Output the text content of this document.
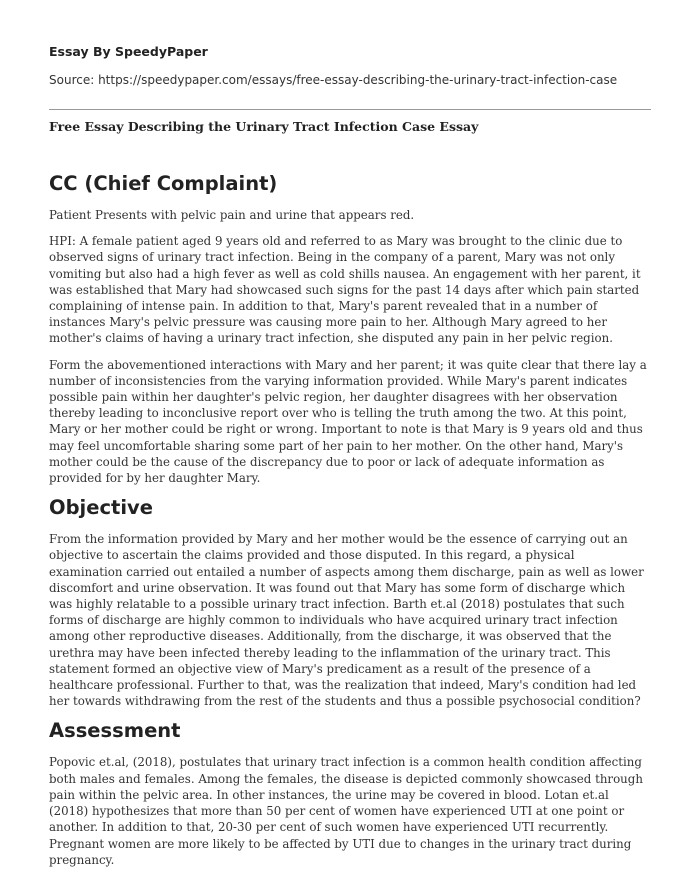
Essay By SpeedyPaper
Source: https://speedypaper.com/essays/free-essay-describing-the-urinary-tract-infection-case
Free Essay Describing the Urinary Tract Infection Case Essay
CC (Chief Complaint)

Patient Presents with pelvic pain and urine that appears red.

HPI: A female patient aged 9 years old and referred to as Mary was brought to the clinic due to observed signs of urinary tract infection. Being in the company of a parent, Mary was not only vomiting but also had a high fever as well as cold shills nausea. An engagement with her parent, it was established that Mary had showcased such signs for the past 14 days after which pain started complaining of intense pain. In addition to that, Mary's parent revealed that in a number of instances Mary's pelvic pressure was causing more pain to her. Although Mary agreed to her mother's claims of having a urinary tract infection, she disputed any pain in her pelvic region.

Form the abovementioned interactions with Mary and her parent; it was quite clear that there lay a number of inconsistencies from the varying information provided. While Mary's parent indicates possible pain within her daughter's pelvic region, her daughter disagrees with her observation thereby leading to inconclusive report over who is telling the truth among the two. At this point, Mary or her mother could be right or wrong. Important to note is that Mary is 9 years old and thus may feel uncomfortable sharing some part of her pain to her mother. On the other hand, Mary's mother could be the cause of the discrepancy due to poor or lack of adequate information as provided for by her daughter Mary.

Objective

From the information provided by Mary and her mother would be the essence of carrying out an objective to ascertain the claims provided and those disputed. In this regard, a physical examination carried out entailed a number of aspects among them discharge, pain as well as lower discomfort and urine observation. It was found out that Mary has some form of discharge which was highly relatable to a possible urinary tract infection. Barth et.al (2018) postulates that such forms of discharge are highly common to individuals who have acquired urinary tract infection among other reproductive diseases. Additionally, from the discharge, it was observed that the urethra may have been infected thereby leading to the inflammation of the urinary tract. This statement formed an objective view of Mary's predicament as a result of the presence of a healthcare professional. Further to that, was the realization that indeed, Mary's condition had led her towards withdrawing from the rest of the students and thus a possible psychosocial condition?

Assessment

Popovic et.al, (2018), postulates that urinary tract infection is a common health condition affecting both males and females. Among the females, the disease is depicted commonly showcased through pain within the pelvic area. In other instances, the urine may be covered in blood. Lotan et.al (2018) hypothesizes that more than 50 per cent of women have experienced UTI at one point or another. In addition to that, 20-30 per cent of such women have experienced UTI recurrently. Pregnant women are more likely to be affected by UTI due to changes in the urinary tract during pregnancy.
